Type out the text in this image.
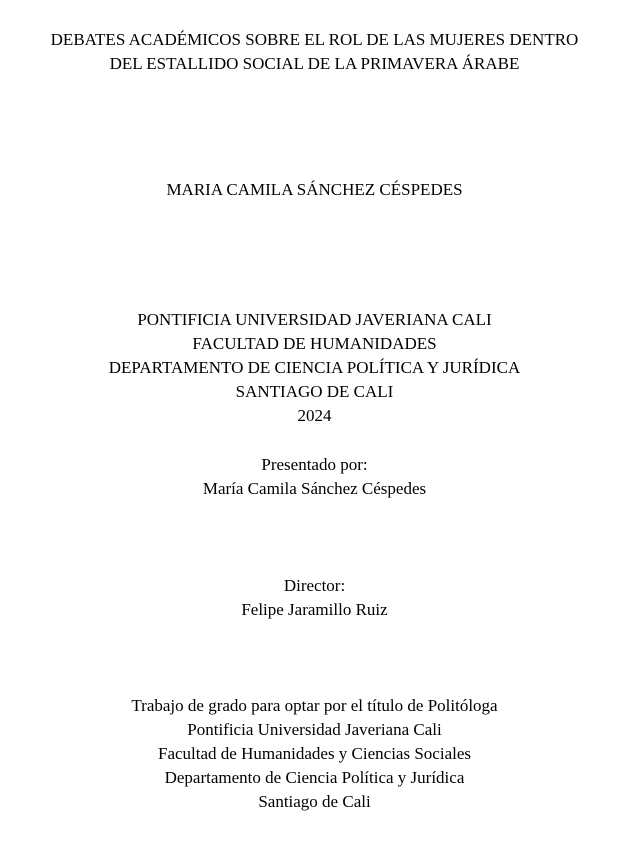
DEBATES ACADÉMICOS SOBRE EL ROL DE LAS MUJERES DENTRO
DEL ESTALLIDO SOCIAL DE LA PRIMAVERA ÁRABE
MARIA CAMILA SÁNCHEZ CÉSPEDES
PONTIFICIA UNIVERSIDAD JAVERIANA CALI
FACULTAD DE HUMANIDADES
DEPARTAMENTO DE CIENCIA POLÍTICA Y JURÍDICA
SANTIAGO DE CALI
2024
Presentado por:
María Camila Sánchez Céspedes
Director:
Felipe Jaramillo Ruiz
Trabajo de grado para optar por el título de Politóloga
Pontificia Universidad Javeriana Cali
Facultad de Humanidades y Ciencias Sociales
Departamento de Ciencia Política y Jurídica
Santiago de Cali
